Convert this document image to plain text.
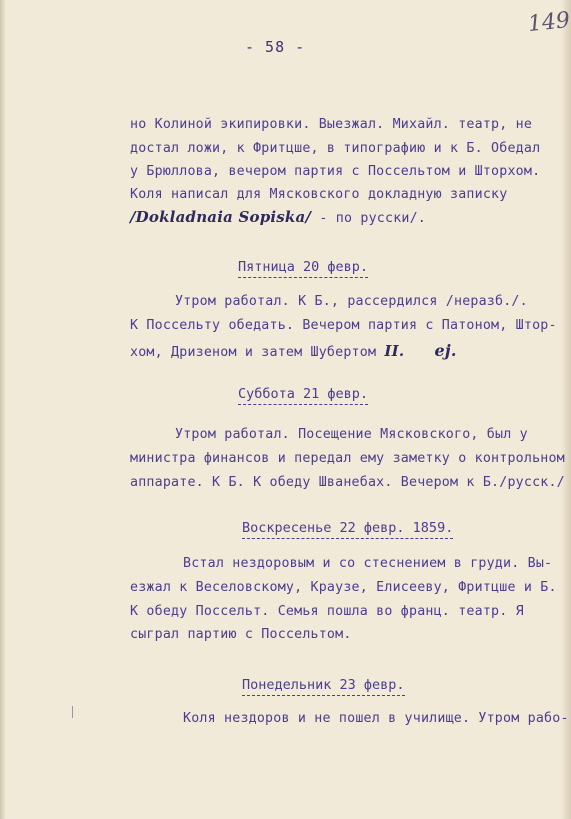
149
- 58 -
но Колиной экипировки. Выезжал. Михайл. театр, не
достал ложи, к Фритцше, в типографию и к Б. Обедал
у Брюллова, вечером партия с Поссельтом и Шторхом.
Коля написал для Мясковского докладную записку
/Dokladnaia Sopiska/ - по русски/.
Пятница 20 февр.
Утром работал. К Б., рассердился /неразб./.
К Поссельту обедать. Вечером партия с Патоном, Штор-
хом, Дризеном и затем Шубертом II. ej.
Суббота 21 февр.
Утром работал. Посещение Мясковского, был у
министра финансов и передал ему заметку о контрольном
аппарате. К Б. К обеду Шванебах. Вечером к Б./русск./
Воскресенье 22 февр. 1859.
Встал нездоровым и со стеснением в груди. Вы-
езжал к Веселовскому, Краузе, Елисееву, Фритцше и Б.
К обеду Поссельт. Семья пошла во франц. театр. Я
сыграл партию с Поссельтом.
Понедельник 23 февр.
Коля нездоров и не пошел в училище. Утром рабо-
